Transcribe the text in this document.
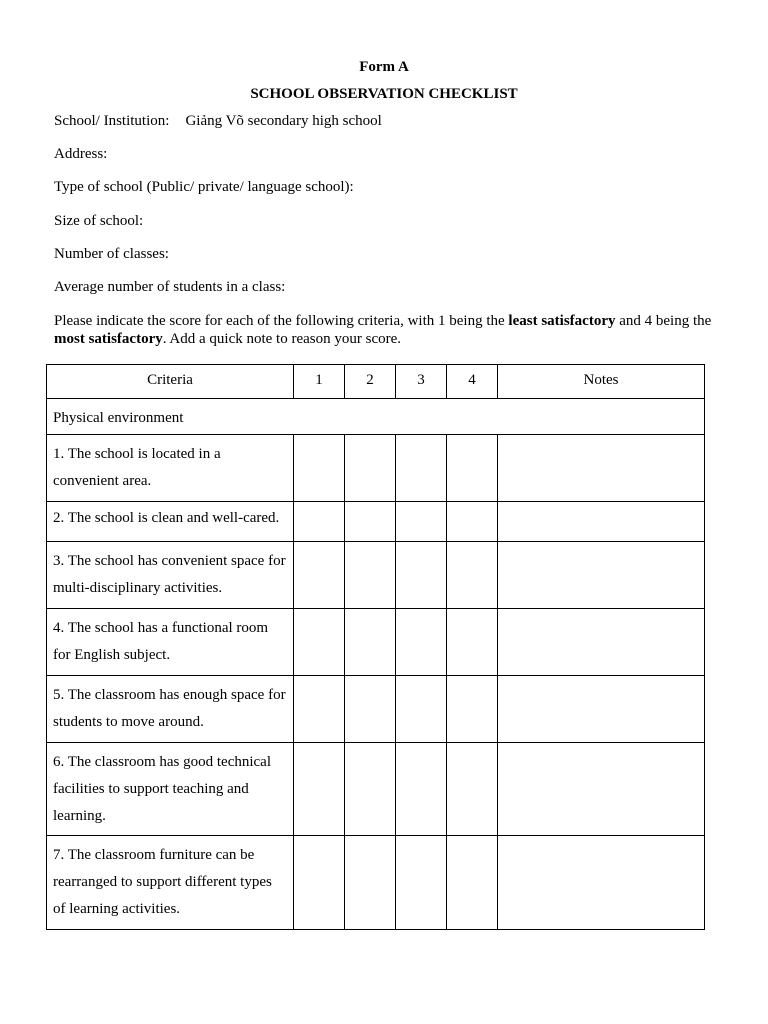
Form A
SCHOOL OBSERVATION CHECKLIST
School/ Institution: Giảng Võ secondary high school
Address:
Type of school (Public/ private/ language school):
Size of school:
Number of classes:
Average number of students in a class:
Please indicate the score for each of the following criteria, with 1 being the least satisfactory and 4 being the most satisfactory. Add a quick note to reason your score.
Criteria	1	2	3	4	Notes
Physical environment					
1. The school is located in a convenient area.					
2. The school is clean and well-cared.					
3. The school has convenient space for multi-disciplinary activities.					
4. The school has a functional room for English subject.					
5. The classroom has enough space for students to move around.					
6. The classroom has good technical facilities to support teaching and learning.					
7. The classroom furniture can be rearranged to support different types of learning activities.					
